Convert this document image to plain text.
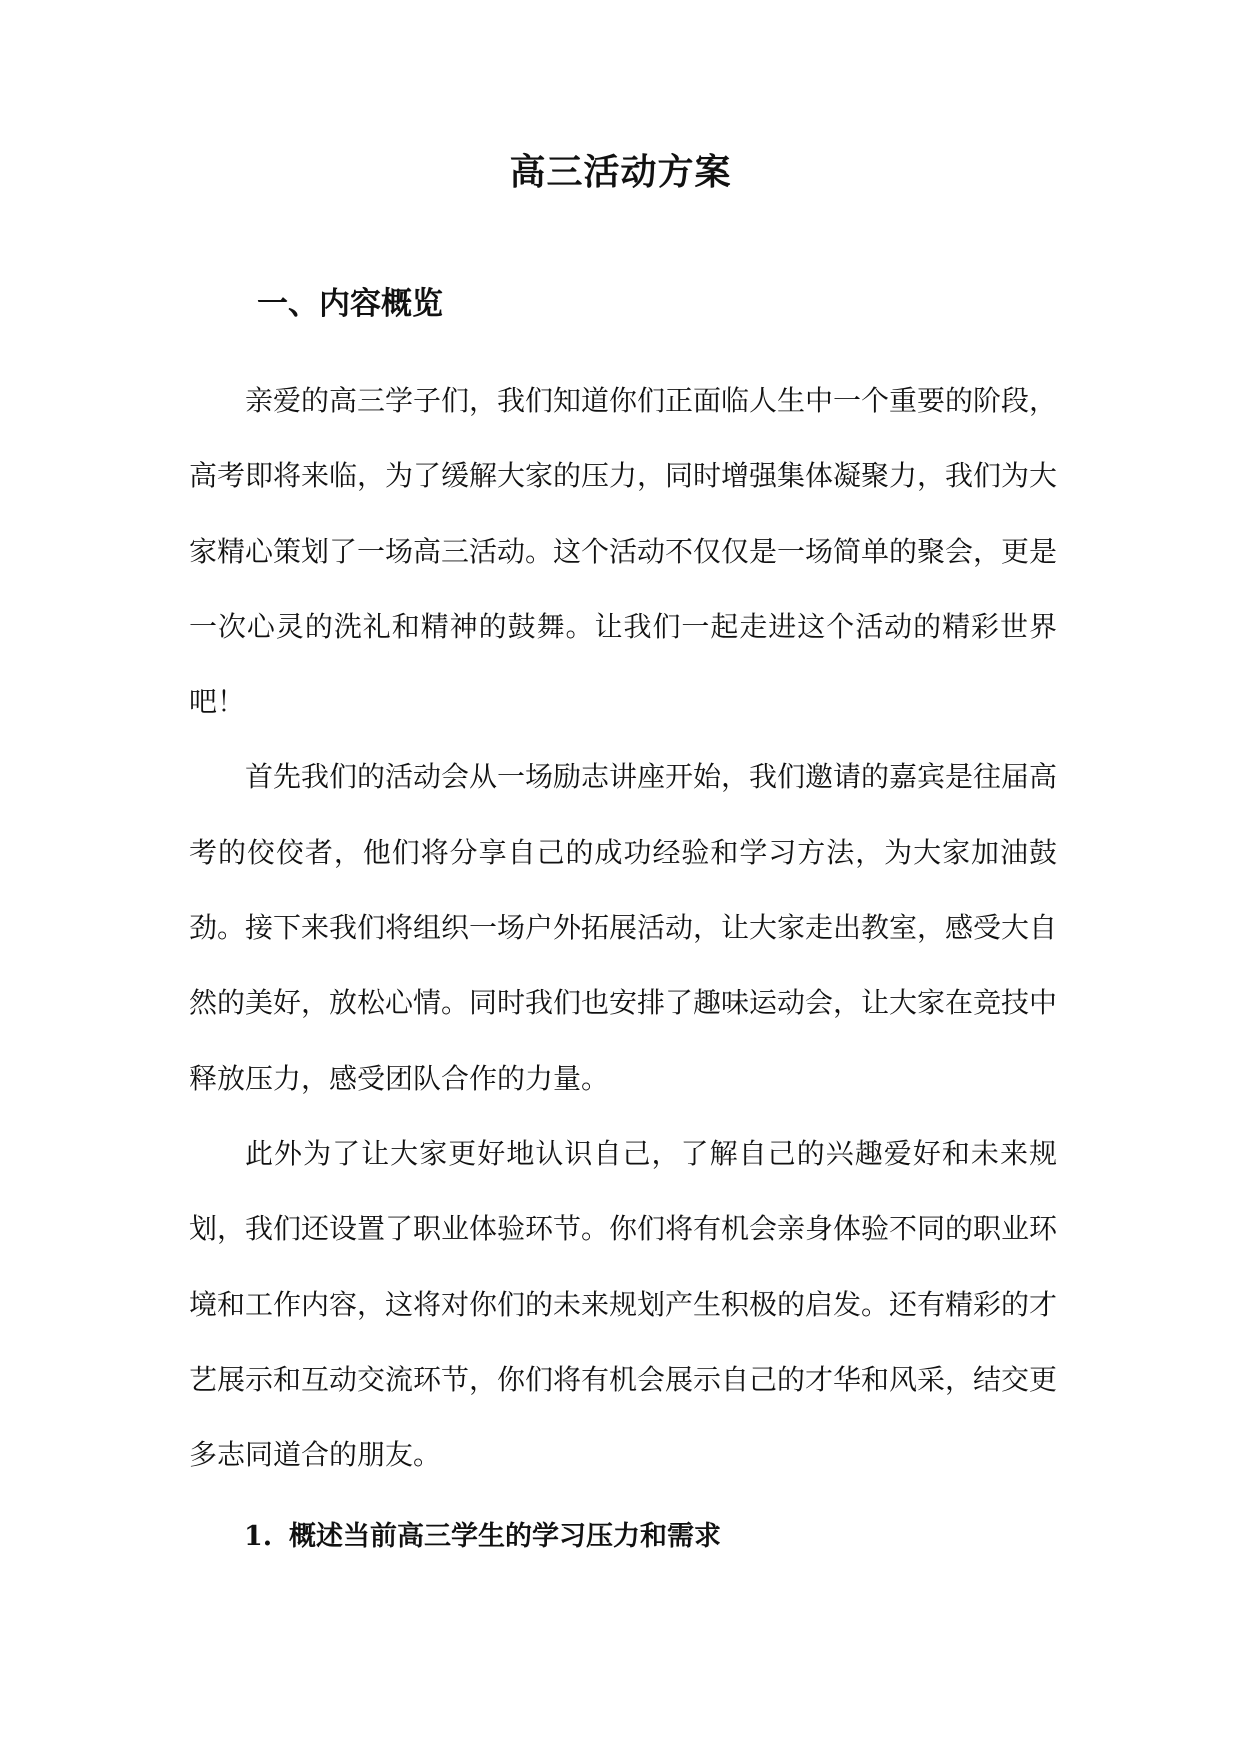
高三活动方案
一、内容概览

亲爱的高三学子们，我们知道你们正面临人生中一个重要的阶段，高考即将来临，为了缓解大家的压力，同时增强集体凝聚力，我们为大家精心策划了一场高三活动。这个活动不仅仅是一场简单的聚会，更是一次心灵的洗礼和精神的鼓舞。让我们一起走进这个活动的精彩世界吧！

首先我们的活动会从一场励志讲座开始，我们邀请的嘉宾是往届高考的佼佼者，他们将分享自己的成功经验和学习方法，为大家加油鼓劲。接下来我们将组织一场户外拓展活动，让大家走出教室，感受大自然的美好，放松心情。同时我们也安排了趣味运动会，让大家在竞技中释放压力，感受团队合作的力量。

此外为了让大家更好地认识自己，了解自己的兴趣爱好和未来规划，我们还设置了职业体验环节。你们将有机会亲身体验不同的职业环境和工作内容，这将对你们的未来规划产生积极的启发。还有精彩的才艺展示和互动交流环节，你们将有机会展示自己的才华和风采，结交更多志同道合的朋友。

1. 概述当前高三学生的学习压力和需求
